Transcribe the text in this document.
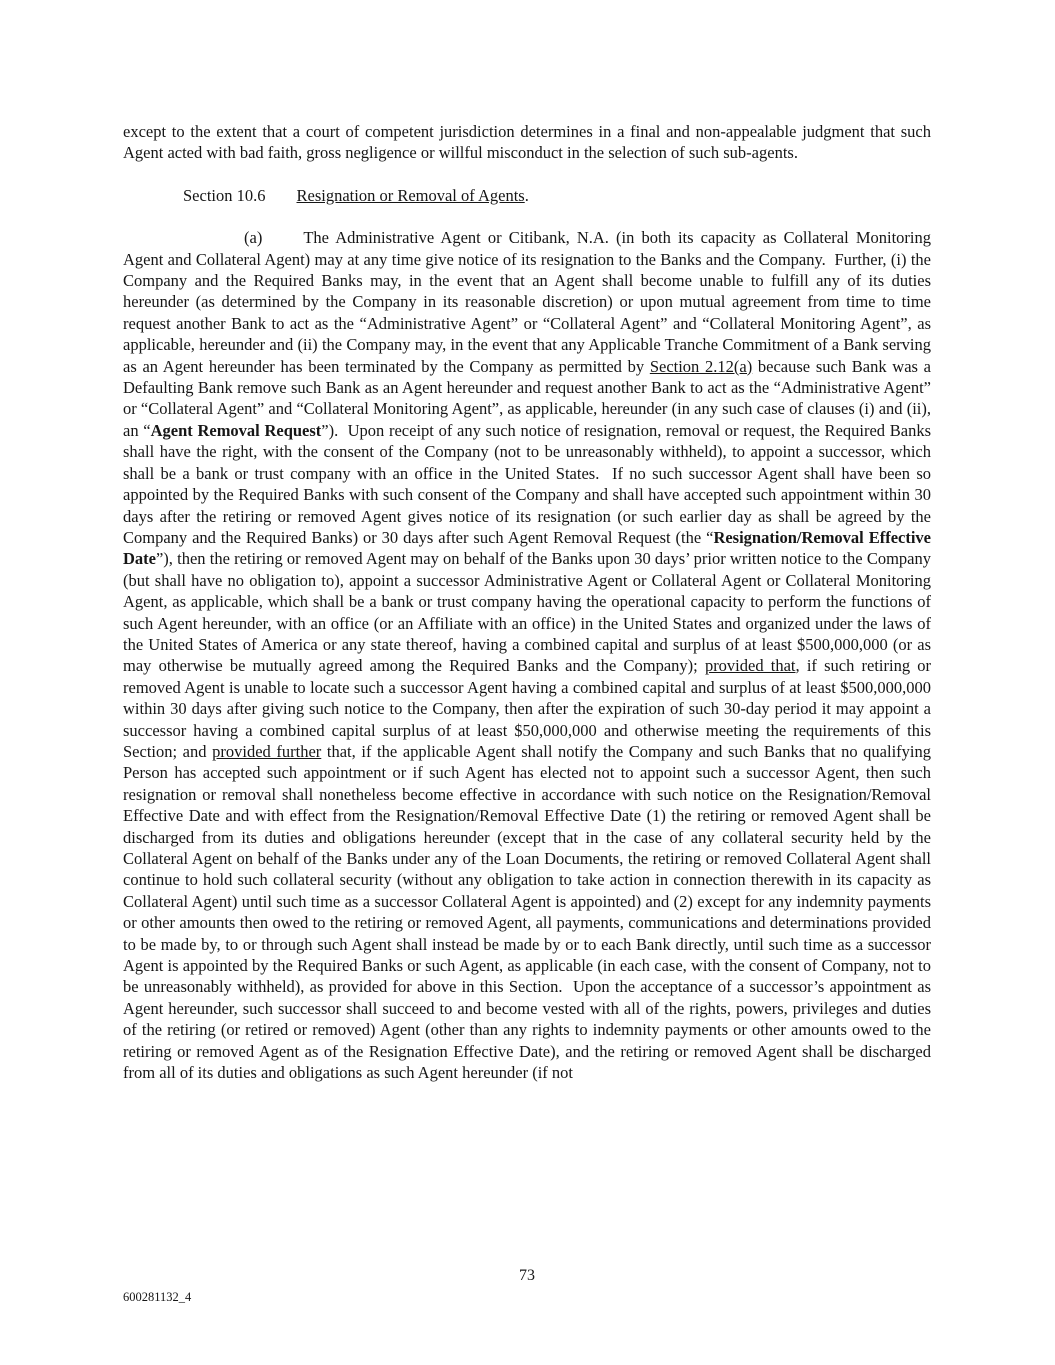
except to the extent that a court of competent jurisdiction determines in a final and non-appealable judgment that such Agent acted with bad faith, gross negligence or willful misconduct in the selection of such sub-agents.

Section 10.6 Resignation or Removal of Agents.

(a) The Administrative Agent or Citibank, N.A. (in both its capacity as Collateral Monitoring Agent and Collateral Agent) may at any time give notice of its resignation to the Banks and the Company.  Further, (i) the Company and the Required Banks may, in the event that an Agent shall become unable to fulfill any of its duties hereunder (as determined by the Company in its reasonable discretion) or upon mutual agreement from time to time request another Bank to act as the “Administrative Agent” or “Collateral Agent” and “Collateral Monitoring Agent”, as applicable, hereunder and (ii) the Company may, in the event that any Applicable Tranche Commitment of a Bank serving as an Agent hereunder has been terminated by the Company as permitted by Section 2.12(a) because such Bank was a Defaulting Bank remove such Bank as an Agent hereunder and request another Bank to act as the “Administrative Agent” or “Collateral Agent” and “Collateral Monitoring Agent”, as applicable, hereunder (in any such case of clauses (i) and (ii), an “Agent Removal Request”).  Upon receipt of any such notice of resignation, removal or request, the Required Banks shall have the right, with the consent of the Company (not to be unreasonably withheld), to appoint a successor, which shall be a bank or trust company with an office in the United States.  If no such successor Agent shall have been so appointed by the Required Banks with such consent of the Company and shall have accepted such appointment within 30 days after the retiring or removed Agent gives notice of its resignation (or such earlier day as shall be agreed by the Company and the Required Banks) or 30 days after such Agent Removal Request (the “Resignation/Removal Effective Date”), then the retiring or removed Agent may on behalf of the Banks upon 30 days’ prior written notice to the Company (but shall have no obligation to), appoint a successor Administrative Agent or Collateral Agent or Collateral Monitoring Agent, as applicable, which shall be a bank or trust company having the operational capacity to perform the functions of such Agent hereunder, with an office (or an Affiliate with an office) in the United States and organized under the laws of the United States of America or any state thereof, having a combined capital and surplus of at least $500,000,000 (or as may otherwise be mutually agreed among the Required Banks and the Company); provided that, if such retiring or removed Agent is unable to locate such a successor Agent having a combined capital and surplus of at least $500,000,000 within 30 days after giving such notice to the Company, then after the expiration of such 30-day period it may appoint a successor having a combined capital surplus of at least $50,000,000 and otherwise meeting the requirements of this Section; and provided further that, if the applicable Agent shall notify the Company and such Banks that no qualifying Person has accepted such appointment or if such Agent has elected not to appoint such a successor Agent, then such resignation or removal shall nonetheless become effective in accordance with such notice on the Resignation/Removal Effective Date and with effect from the Resignation/Removal Effective Date (1) the retiring or removed Agent shall be discharged from its duties and obligations hereunder (except that in the case of any collateral security held by the Collateral Agent on behalf of the Banks under any of the Loan Documents, the retiring or removed Collateral Agent shall continue to hold such collateral security (without any obligation to take action in connection therewith in its capacity as Collateral Agent) until such time as a successor Collateral Agent is appointed) and (2) except for any indemnity payments or other amounts then owed to the retiring or removed Agent, all payments, communications and determinations provided to be made by, to or through such Agent shall instead be made by or to each Bank directly, until such time as a successor Agent is appointed by the Required Banks or such Agent, as applicable (in each case, with the consent of Company, not to be unreasonably withheld), as provided for above in this Section.  Upon the acceptance of a successor’s appointment as Agent hereunder, such successor shall succeed to and become vested with all of the rights, powers, privileges and duties of the retiring (or retired or removed) Agent (other than any rights to indemnity payments or other amounts owed to the retiring or removed Agent as of the Resignation Effective Date), and the retiring or removed Agent shall be discharged from all of its duties and obligations as such Agent hereunder (if not

73
600281132_4
